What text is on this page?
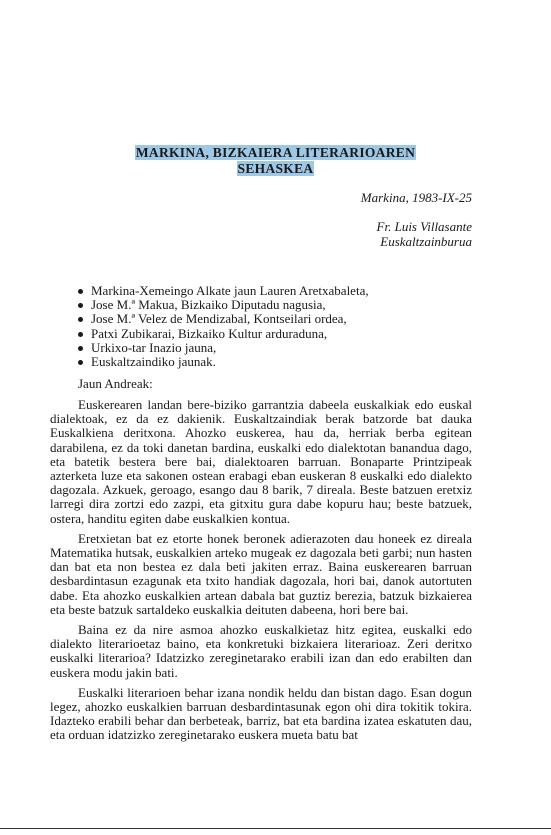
MARKINA, BIZKAIERA LITERARIOAREN
SEHASKEA
Markina, 1983-IX-25
Fr. Luis Villasante
Euskaltzainburua
Markina-Xemeingo Alkate jaun Lauren Aretxabaleta,
Jose M.ª Makua, Bizkaiko Diputadu nagusia,
Jose M.ª Velez de Mendizabal, Kontseilari ordea,
Patxi Zubikarai, Bizkaiko Kultur arduraduna,
Urkixo-tar Inazio jauna,
Euskaltzaindiko jaunak.
Jaun Andreak:

Euskerearen landan bere-biziko garrantzia dabeela euskalkiak edo euskal dialektoak, ez da ez dakienik. Euskaltzaindiak berak batzorde bat dauka Euskalkiena deritxona. Ahozko euskerea, hau da, herriak berba egitean darabilena, ez da toki danetan bardina, euskalki edo dialektotan banandua dago, eta batetik bestera bere bai, dialektoaren barruan. Bonaparte Printzipeak azterketa luze eta sakonen ostean erabagi eban euskeran 8 euskalki edo dialekto dagozala. Azkuek, geroago, esango dau 8 barik, 7 direala. Beste batzuen eretxiz larregi dira zortzi edo zazpi, eta gitxitu gura dabe kopuru hau; beste batzuek, ostera, handitu egiten dabe euskalkien kontua.

Eretxietan bat ez etorte honek beronek adierazoten dau honeek ez direala Matematika hutsak, euskalkien arteko mugeak ez dagozala beti garbi; nun hasten dan bat eta non bestea ez dala beti jakiten erraz. Baina euskerearen barruan desbardintasun ezagunak eta txito handiak dagozala, hori bai, danok autortuten dabe. Eta ahozko euskalkien artean dabala bat guztiz berezia, batzuk bizkaierea eta beste batzuk sartaldeko euskalkia deituten dabeena, hori bere bai.

Baina ez da nire asmoa ahozko euskalkietaz hitz egitea, euskalki edo dialekto literarioetaz baino, eta konkretuki bizkaiera literarioaz. Zeri deritxo euskalki literarioa? Idatzizko zereginetarako erabili izan dan edo erabilten dan euskera modu jakin bati.

Euskalki literarioen behar izana nondik heldu dan bistan dago. Esan dogun legez, ahozko euskalkien barruan desbardintasunak egon ohi dira tokitik tokira. Idazteko erabili behar dan berbeteak, barriz, bat eta bardina izatea eskatuten dau, eta orduan idatzizko zereginetarako euskera mueta batu bat
